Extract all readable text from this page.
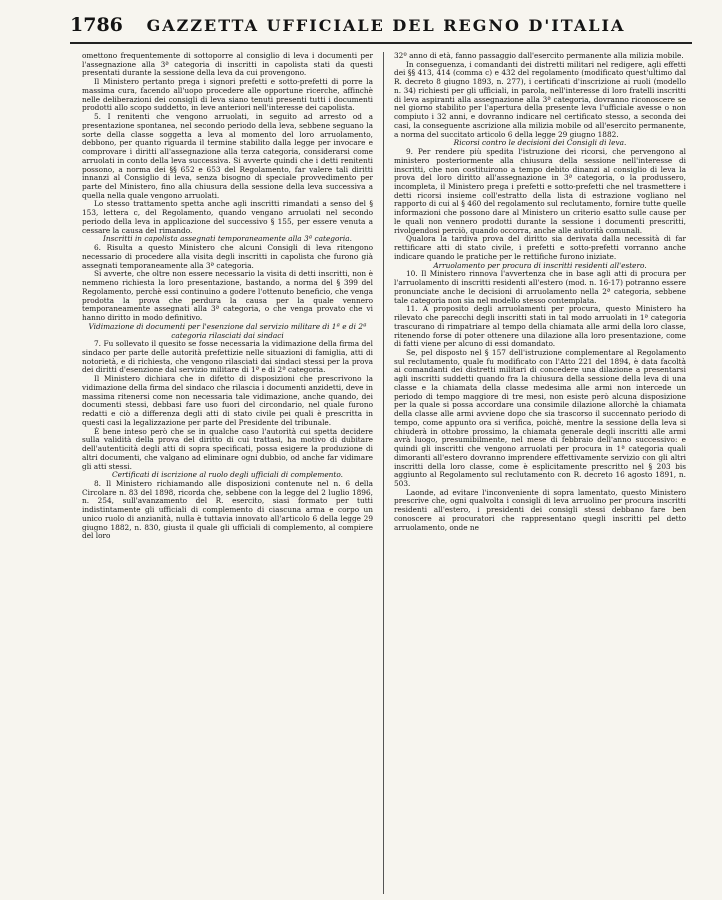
1786	GAZZETTA UFFICIALE DEL REGNO D'ITALIA

omettono frequentemente di sottoporre al consiglio di leva i documenti per l'assegnazione alla 3ª categoria di inscritti in capolista stati da questi presentati durante la sessione della leva da cui provengono.

Il Ministero pertanto prega i signori prefetti e sotto-prefetti di porre la massima cura, facendo all'uopo procedere alle opportune ricerche, affinchè nelle deliberazioni dei consigli di leva siano tenuti presenti tutti i documenti prodotti allo scopo suddetto, in leve anteriori nell'interesse dei capolista.

5. I renitenti che vengono arruolati, in seguito ad arresto od a presentazione spontanea, nel secondo periodo della leva, sebbene seguano la sorte della classe soggetta a leva al momento del loro arruolamento, debbono, per quanto riguarda il termine stabilito dalla legge per invocare e comprovare i diritti all'assegnazione alla terza categoria, considerarsi come arruolati in conto della leva successiva. Si avverte quindi che i detti renitenti possono, a norma dei §§ 652 e 653 del Regolamento, far valere tali diritti innanzi al Consiglio di leva, senza bisogno di speciale provvedimento per parte del Ministero, fino alla chiusura della sessione della leva successiva a quella nella quale vengono arruolati.

Lo stesso trattamento spetta anche agli inscritti rimandati a senso del § 153, lettera c, del Regolamento, quando vengano arruolati nel secondo periodo della leva in applicazione del successivo § 155, per essere venuta a cessare la causa del rimando.

Inscritti in capolista assegnati temporaneamente alla 3ª categoria.

6. Risulta a questo Ministero che alcuni Consigli di leva ritengono necessario di procedere alla visita degli inscritti in capolista che furono già assegnati temporaneamente alla 3ª categoria.

Si avverte, che oltre non essere necessario la visita di detti inscritti, non è nemmeno richiesta la loro presentazione, bastando, a norma del § 399 del Regolamento, perchè essi continuino a godere l'ottenuto beneficio, che venga prodotta la prova che perdura la causa per la quale vennero temporaneamente assegnati alla 3ª categoria, o che venga provato che vi hanno diritto in modo definitivo.

Vidimazione di documenti per l'esenzione dal servizio militare di 1ª e di 2ª categoria rilasciati dai sindaci

7. Fu sollevato il quesito se fosse necessaria la vidimazione della firma del sindaco per parte delle autorità prefettizie nelle situazioni di famiglia, atti di notorietà, e di richiesta, che vengono rilasciati dai sindaci stessi per la prova dei diritti d'esenzione dal servizio militare di 1ª e di 2ª categoria.

Il Ministero dichiara che in difetto di disposizioni che prescrivono la vidimazione della firma del sindaco che rilascia i documenti anzidetti, deve in massima ritenersi come non necessaria tale vidimazione, anche quando, dei documenti stessi, debbasi fare uso fuori del circondario, nel quale furono redatti e ciò a differenza degli atti di stato civile pei quali è prescritta in questi casi la legalizzazione per parte del Presidente del tribunale.

È bene inteso però che se in qualche caso l'autorità cui spetta decidere sulla validità della prova del diritto di cui trattasi, ha motivo di dubitare dell'autenticità degli atti di sopra specificati, possa esigere la produzione di altri documenti, che valgano ad eliminare ogni dubbio, od anche far vidimare gli atti stessi.

Certificati di iscrizione al ruolo degli ufficiali di complemento.

8. Il Ministero richiamando alle disposizioni contenute nel n. 6 della Circolare n. 83 del 1898, ricorda che, sebbene con la legge del 2 luglio 1896, n. 254, sull'avanzamento del R. esercito, siasi formato per tutti indistintamente gli ufficiali di complemento di ciascuna arma e corpo un unico ruolo di anzianità, nulla è tuttavia innovato all'articolo 6 della legge 29 giugno 1882, n. 830, giusta il quale gli ufficiali di complemento, al compiere del loro

32º anno di età, fanno passaggio dall'esercito permanente alla milizia mobile.

In conseguenza, i comandanti dei distretti militari nel redigere, agli effetti dei §§ 413, 414 (comma c) e 432 del regolamento (modificato quest'ultimo dal R. decreto 8 giugno 1893, n. 277), i certificati d'inscrizione ai ruoli (modello n. 34) richiesti per gli ufficiali, in parola, nell'interesse di loro fratelli inscritti di leva aspiranti alla assegnazione alla 3ª categoria, dovranno riconoscere se nel giorno stabilito per l'apertura della presente leva l'ufficiale avesse o non compiuto i 32 anni, e dovranno indicare nel certificato stesso, a seconda dei casi, la conseguente ascrizione alla milizia mobile od all'esercito permanente, a norma del succitato articolo 6 della legge 29 giugno 1882.

Ricorsi contro le decisioni dei Consigli di leva.

9. Per rendere più spedita l'istruzione dei ricorsi, che pervengono al ministero posteriormente alla chiusura della sessione nell'interesse di inscritti, che non costituirono a tempo debito dinanzi al consiglio di leva la prova del loro diritto all'assegnazione in 3ª categoria, o la produssero, incompleta, il Ministero prega i prefetti e sotto-prefetti che nel trasmettere i detti ricorsi insieme coll'estratto della lista di estrazione vogliano nel rapporto di cui al § 460 del regolamento sul reclutamento, fornire tutte quelle informazioni che possono dare al Ministero un criterio esatto sulle cause per le quali non vennero prodotti durante la sessione i documenti prescritti, rivolgendosi perciò, quando occorra, anche alle autorità comunali.

Qualora la tardiva prova del diritto sia derivata dalla necessità di far rettificare atti di stato civile, i prefetti e sotto-prefetti vorranno anche indicare quando le pratiche per le rettifiche furono iniziate.

Arruolamento per procura di inscritti residenti all'estero.

10. Il Ministero rinnova l'avvertenza che in base agli atti di procura per l'arruolamento di inscritti residenti all'estero (mod. n. 16-17) potranno essere pronunciate anche le decisioni di arruolamento nella 2ª categoria, sebbene tale categoria non sia nel modello stesso contemplata.

11. A proposito degli arruolamenti per procura, questo Ministero ha rilevato che parecchi degli inscritti stati in tal modo arruolati in 1ª categoria trascurano di rimpatriare al tempo della chiamata alle armi della loro classe, ritenendo forse di poter ottenere una dilazione alla loro presentazione, come di fatti viene per alcuno di essi domandato.

Se, pel disposto nel § 157 dell'istruzione complementare al Regolamento sul reclutamento, quale fu modificato con l'Atto 221 del 1894, è data facoltà ai comandanti dei distretti militari di concedere una dilazione a presentarsi agli inscritti suddetti quando fra la chiusura della sessione della leva di una classe e la chiamata della classe medesima alle armi non intercede un periodo di tempo maggiore di tre mesi, non esiste però alcuna disposizione per la quale si possa accordare una consimile dilazione allorchè la chiamata della classe alle armi avviene dopo che sia trascorso il succennato periodo di tempo, come appunto ora si verifica, poichè, mentre la sessione della leva si chiuderà in ottobre prossimo, la chiamata generale degli inscritti alle armi avrà luogo, presumibilmente, nel mese di febbraio dell'anno successivo: e quindi gli inscritti che vengono arruolati per procura in 1ª categoria quali dimoranti all'estero dovranno imprendere effettivamente servizio con gli altri inscritti della loro classe, come è esplicitamente prescritto nel § 203 bis aggiunto al Regolamento sul reclutamento con R. decreto 16 agosto 1891, n. 503.

Laonde, ad evitare l'inconveniente di sopra lamentato, questo Ministero prescrive che, ogni qualvolta i consigli di leva arruolino per procura inscritti residenti all'estero, i presidenti dei consigli stessi debbano fare ben conoscere ai procuratori che rappresentano quegli inscritti pel detto arruolamento, onde ne
